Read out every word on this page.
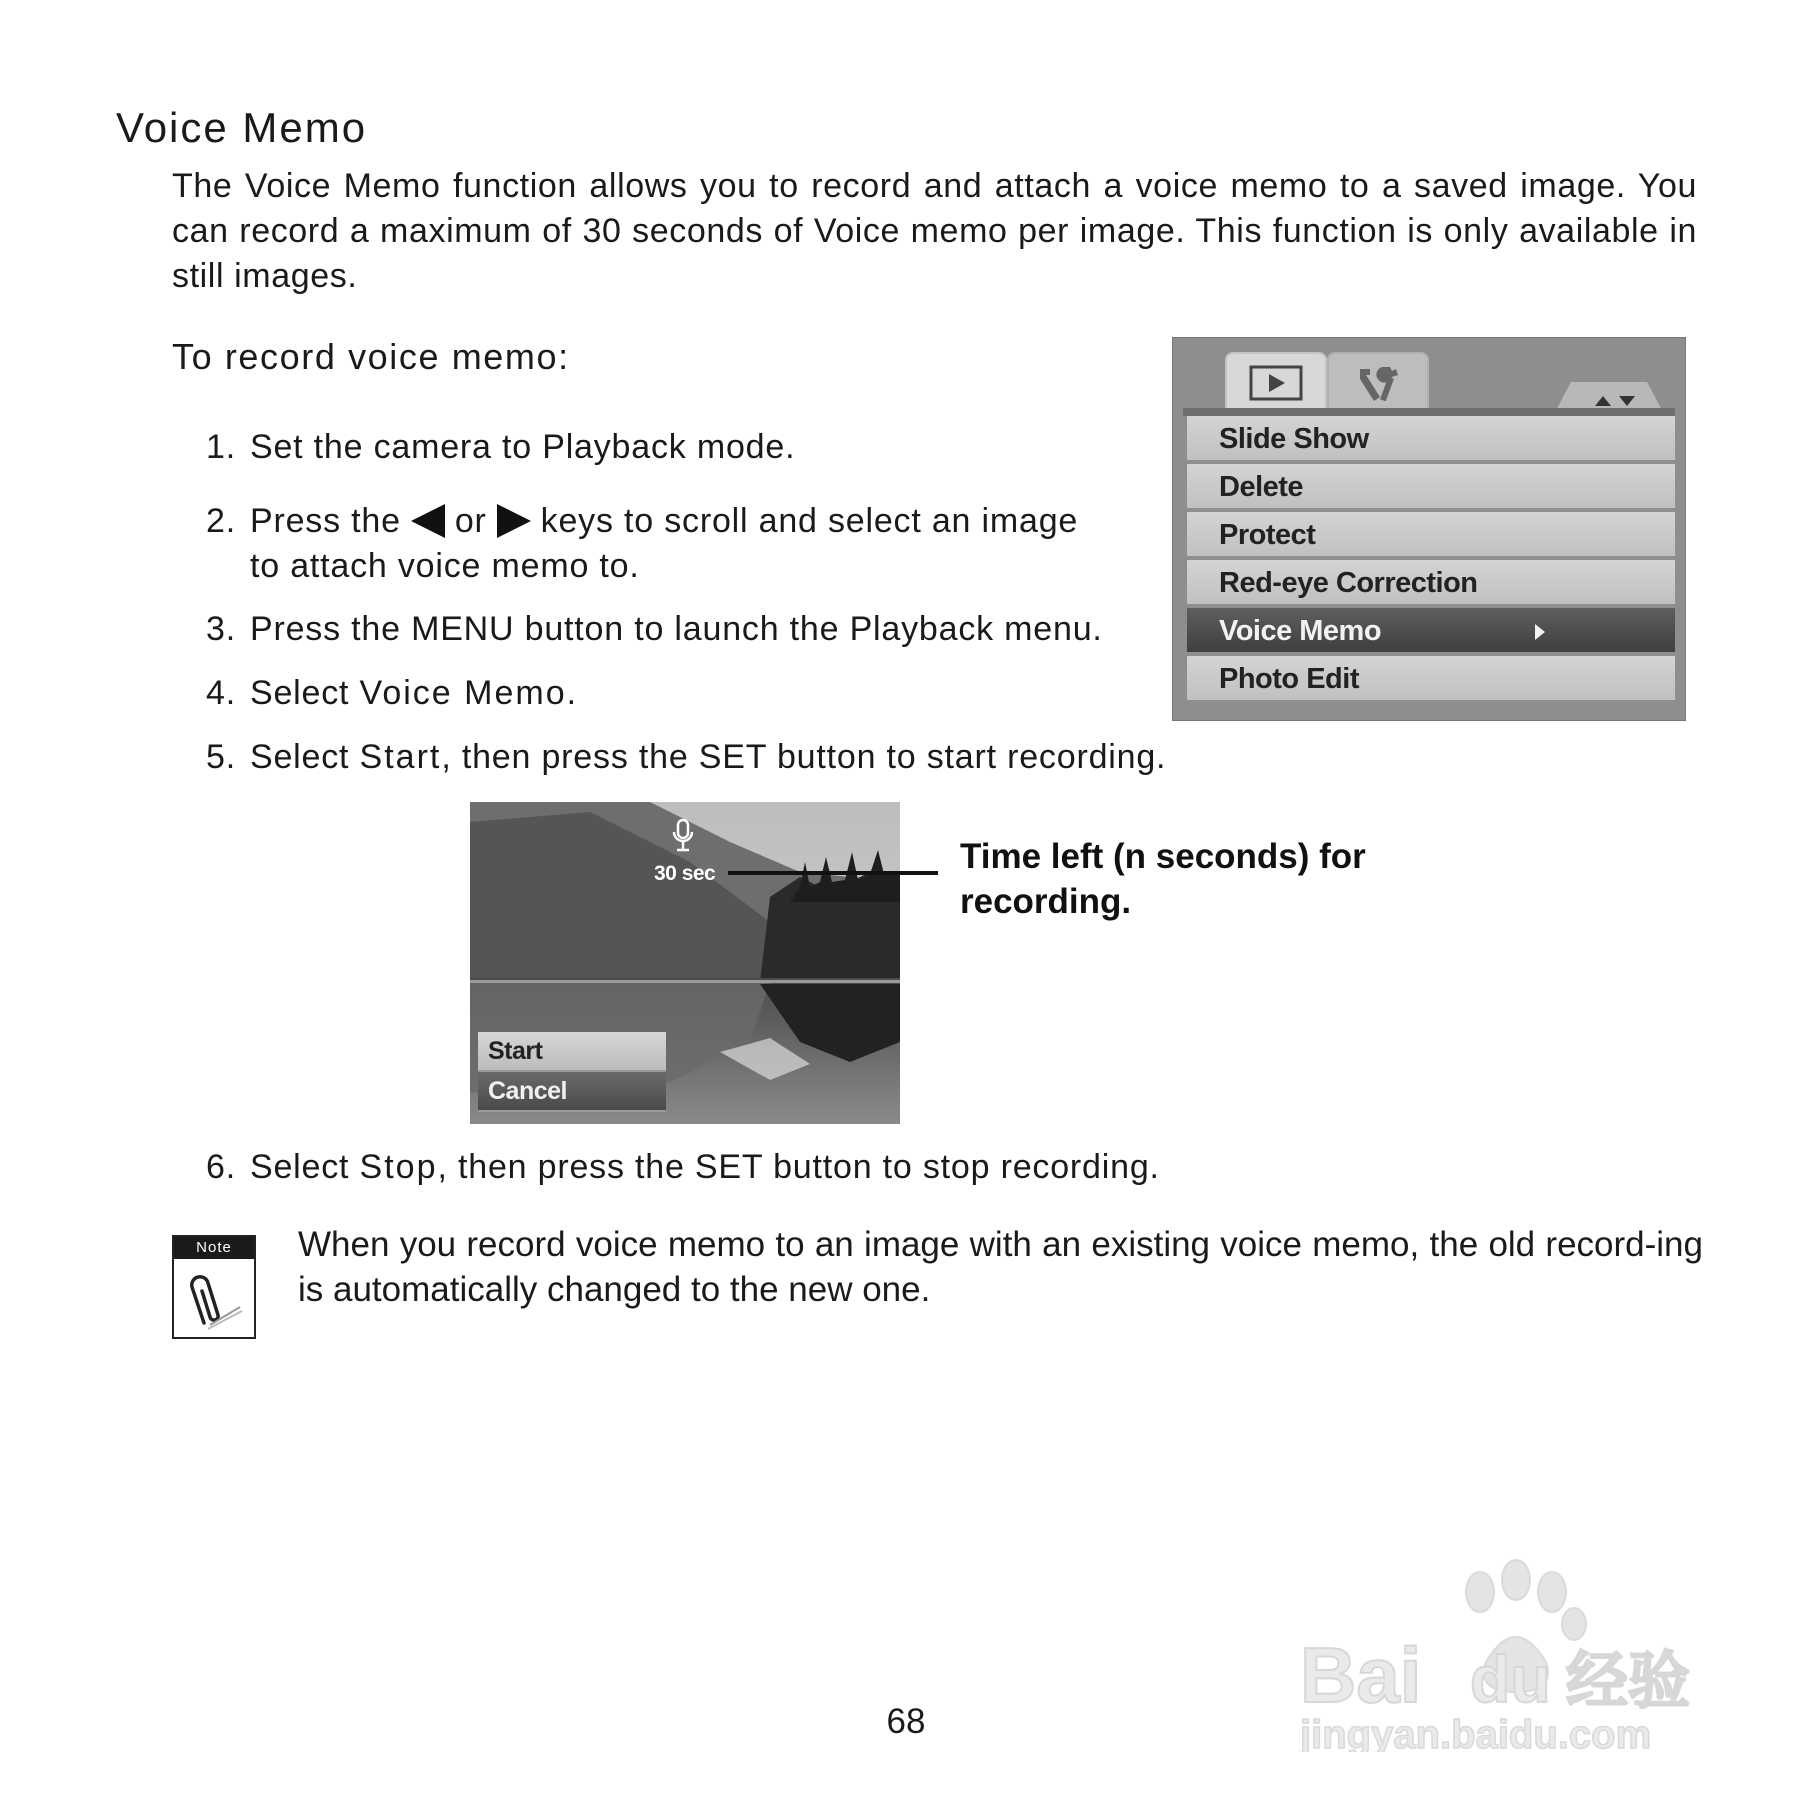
Voice Memo
The Voice Memo function allows you to record and attach a voice memo to a saved image. You can record a maximum of 30 seconds of Voice memo per image. This function is only available in still images.
To record voice memo:
1. Set the camera to Playback mode.
2. Press the or keys to scroll and select an image
to attach voice memo to.
3. Press the MENU button to launch the Playback menu.
4. Select Voice Memo.
5. Select Start, then press the SET button to start recording.
Slide Show
Delete
Protect
Red-eye Correction
Voice Memo
Photo Edit
30 sec
Start
Cancel
Time left (n seconds) for
recording.
6. Select Stop, then press the SET button to stop recording.
Note	When you record voice memo to an image with an existing voice memo, the old record-ing is automatically changed to the new one.
68
Bai du 经验
jingyan.baidu.com
